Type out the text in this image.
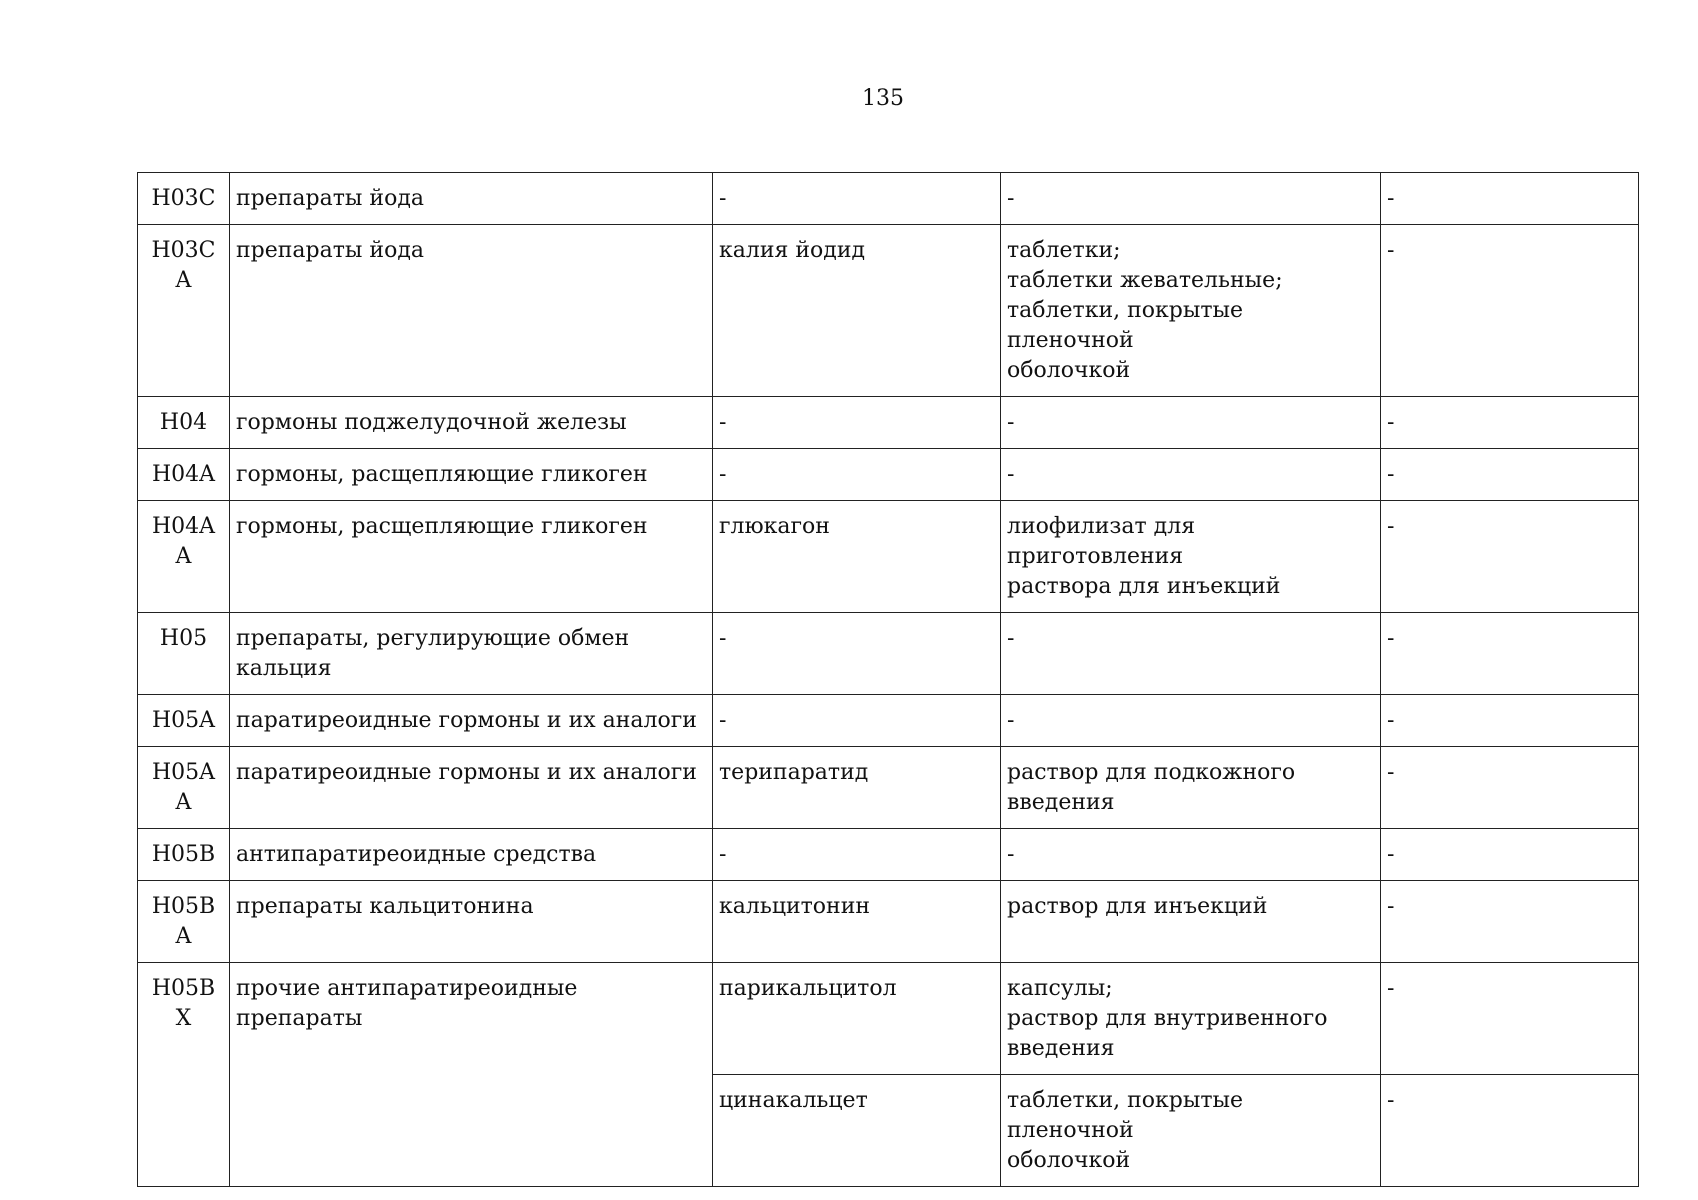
135
H03C	препараты йода	-	-	-

H03C
A	препараты йода	калия йодид	таблетки;
таблетки жевательные;
таблетки, покрытые пленочной
оболочкой	-
H04	гормоны поджелудочной железы	-	-	-
H04A	гормоны, расщепляющие гликоген	-	-	-

H04A
A	гормоны, расщепляющие гликоген	глюкагон	лиофилизат для приготовления
раствора для инъекций	-
H05	препараты, регулирующие обмен
кальция	-	-	-
H05A	паратиреоидные гормоны и их аналоги	-	-	-

H05A
A	паратиреоидные гормоны и их аналоги	терипаратид	раствор для подкожного
введения	-
H05B	антипаратиреоидные средства	-	-	-

H05B
A	препараты кальцитонина	кальцитонин	раствор для инъекций	-

H05B
X	прочие антипаратиреоидные препараты	парикальцитол	капсулы;
раствор для внутривенного
введения	-
		цинакальцет	таблетки, покрытые пленочной
оболочкой	-
